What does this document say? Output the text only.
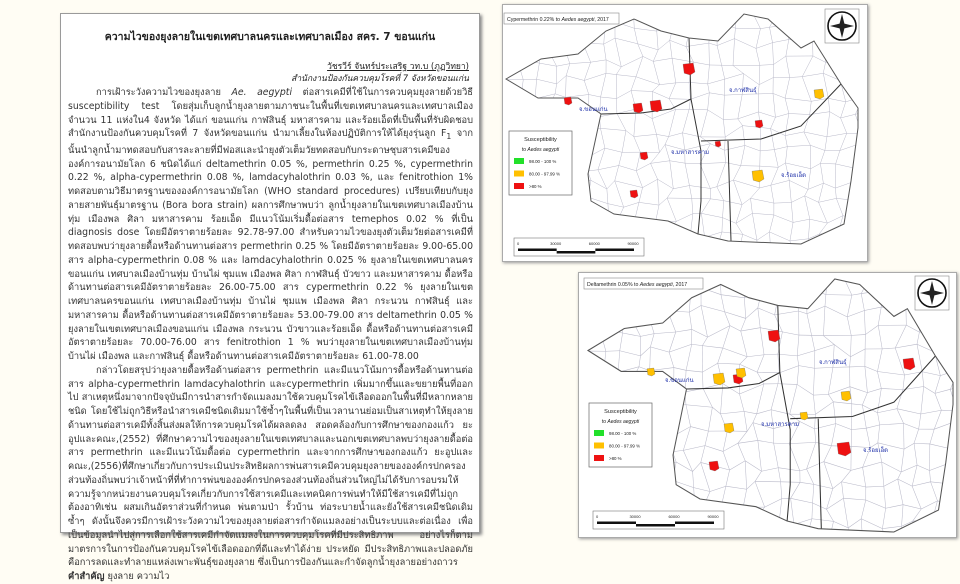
ความไวของยุงลายในเขตเทศบาลนครและเทศบาลเมือง สคร. 7 ขอนแก่น
วัชรวีร์ จันทร์ประเสริฐ วท.บ (ภูฏวิทยา)
สำนักงานป้องกันควบคุมโรคที่ 7 จังหวัดขอนแก่น

การเฝ้าระวังความไวของยุงลาย Ae. aegypti ต่อสารเคมีที่ใช้ในการควบคุมยุงลายด้วยวิธี susceptibility test โดยสุ่มเก็บลูกน้ำยุงลายตามภาชนะในพื้นที่เขตเทศบาลนครและเทศบาลเมืองจำนวน 11 แห่งใน4 จังหวัด ได้แก่ ขอนแก่น กาฬสินธุ์ มหาสารคาม และร้อยเอ็ดที่เป็นพื้นที่รับผิดชอบสำนักงานป้องกันควบคุมโรคที่ 7 จังหวัดขอนแก่น นำมาเลี้ยงในห้องปฏิบัติการให้ได้ยุงรุ่นลูก $F_1$ จากนั้นนำลูกน้ำมาทดสอบกับสารละลายที่มีฟอสและนำยุงตัวเต็มวัยทดสอบกับกระดาษชุบสารเคมีขององค์การอนามัยโลก 6 ชนิดได้แก่ deltamethrin 0.05 %, permethrin 0.25 %, cypermethrin 0.22 %, alpha-cypermethrin 0.08 %, lamdacyhalothrin 0.03 %, และ fenitrothion 1% ทดสอบตามวิธีมาตรฐานขององค์การอนามัยโลก (WHO standard procedures) เปรียบเทียบกับยุงลายสายพันธุ์มาตรฐาน (Bora bora strain) ผลการศึกษาพบว่า ลูกน้ำยุงลายในเขตเทศบาลเมืองบ้านทุ่ม เมืองพล ศิลา มหาสารคาม ร้อยเอ็ด มีแนวโน้มเริ่มดื้อต่อสาร temephos 0.02 % ที่เป็น diagnosis dose โดยมีอัตราตายร้อยละ 92.78-97.00 สำหรับความไวของยุงตัวเต็มวัยต่อสารเคมีที่ทดสอบพบว่ายุงลายดื้อหรือด้านทานต่อสาร permethrin 0.25 % โดยมีอัตราตายร้อยละ 9.00-65.00 สาร alpha-cypermethrin 0.08 % และ lamdacyhalothrin 0.025 % ยุงลายในเขตเทศบาลนครขอนแก่น เทศบาลเมืองบ้านทุ่ม บ้านไผ่ ชุมแพ เมืองพล ศิลา กาฬสินธุ์ บัวขาว และมหาสารคาม ดื้อหรือด้านทานต่อสารเคมีอัตราตายร้อยละ 26.00-75.00 สาร cypermethrin 0.22 % ยุงลายในเขตเทศบาลนครขอนแก่น เทศบาลเมืองบ้านทุ่ม บ้านไผ่ ชุมแพ เมืองพล ศิลา กระนวน กาฬสินธุ์ และมหาสารคาม ดื้อหรือด้านทานต่อสารเคมีอัตราตายร้อยละ 53.00-79.00 สาร deltamethrin 0.05 % ยุงลายในเขตเทศบาลเมืองขอนแก่น เมืองพล กระนวน บัวขาวและร้อยเอ็ด ดื้อหรือด้านทานต่อสารเคมีอัตราตายร้อยละ 70.00-76.00 สาร fenitrothion 1 % พบว่ายุงลายในเขตเทศบาลเมืองบ้านทุ่ม บ้านไผ่ เมืองพล และกาฬสินธุ์ ดื้อหรือด้านทานต่อสารเคมีอัตราตายร้อยละ 61.00-78.00

กล่าวโดยสรุปว่ายุงลายดื้อหรือด้านต่อสาร permethrin และมีแนวโน้มการดื้อหรือด้านทานต่อ สาร alpha-cypermethrin lamdacyhalothrin และcypermethrin เพิ่มมากขึ้นและขยายพื้นที่ออกไป สาเหตุหนึ่งมาจากปัจจุบันมีการนำสารกำจัดแมลงมาใช้ควบคุมโรคไข้เลือดออกในพื้นที่มีหลากหลายชนิด โดยใช้ไม่ถูกวิธีหรือนำสารเคมีชนิดเดิมมาใช้ซ้ำๆในพื้นที่เป็นเวลานานย่อมเป็นสาเหตุทำให้ยุงลายด้านทานต่อสารเคมีทั้งสิ้นส่งผลให้การควบคุมโรคได้ผลลดลง สอดคล้องกับการศึกษาของกองแก้ว ยะอูปและคณะ,(2552) ที่ศึกษาความไวของยุงลายในเขตเทศบาลและนอกเขตเทศบาลพบว่ายุงลายดื้อต่อสาร permethrin และมีแนวโน้มดื้อต่อ cypermethrin และจากการศึกษาของกองแก้ว ยะอูปและคณะ,(2556)ที่ศึกษาเกี่ยวกับการประเมินประสิทธิผลการพ่นสารเคมีควบคุมยุงลายขององค์กรปกครองส่วนท้องถิ่นพบว่าเจ้าหน้าที่ที่ทำการพ่นขององค์กรปกครองส่วนท้องถิ่นส่วนใหญ่ไม่ได้รับการอบรมให้ความรู้จากหน่วยงานควบคุมโรคเกี่ยวกับการใช้สารเคมีและเทคนิคการพ่นทำให้มีใช้สารเคมีที่ไม่ถูกต้องอาทิเช่น ผสมเกินอัตราส่วนที่กำหนด พ่นตามป่า รั้วบ้าน ท่อระบายน้ำและยังใช้สารเคมีชนิดเดิมซ้ำๆ ดังนั้นจึงควรมีการเฝ้าระวังความไวของยุงลายต่อสารกำจัดแมลงอย่างเป็นระบบและต่อเนื่อง เพื่อเป็นข้อมูลนำไปสู่การเลือกใช้สารเคมีกำจัดแมลงในการควบคุมโรคที่มีประสิทธิภาพ อย่างไรก็ตามมาตรการในการป้องกันควบคุมโรคไข้เลือดออกที่ดีและทำได้ง่าย ประหยัด มีประสิทธิภาพและปลอดภัย คือการลดและทำลายแหล่งเพาะพันธุ์ของยุงลาย ซึ่งเป็นการป้องกันและกำจัดลูกน้ำยุงลายอย่างถาวร

คำสำคัญ ยุงลาย ความไว

จ.ขอนแก่น
จ.กาฬสินธุ์
จ.มหาสารคาม
จ.ร้อยเอ็ด
Cypermethrin 0.22% to Aedes aegypti, 2017
Susceptibility
to Aedes aegypti
98.00 - 100 %
80.00 - 97.99 %
>80 %
0	30000	60000	90000
จ.ขอนแก่น
จ.กาฬสินธุ์
จ.มหาสารคาม
จ.ร้อยเอ็ด
Deltamethrin 0.05% to Aedes aegypti, 2017
Susceptibility
to Aedes aegypti
98.00 - 100 %
80.00 - 97.99 %
>80 %
0	30000	60000	90000
